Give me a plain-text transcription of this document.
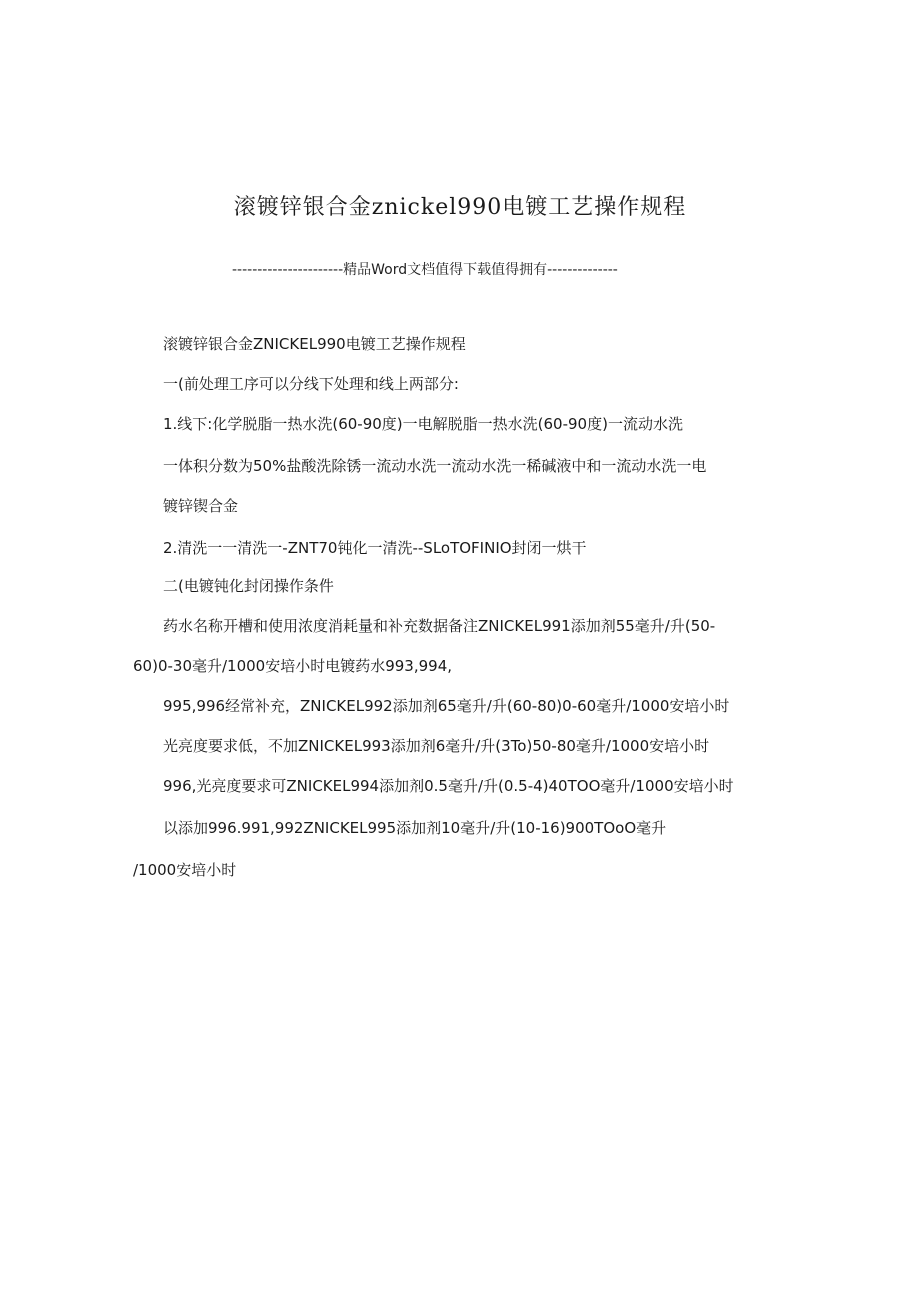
滚镀锌银合金znickel990电镀工艺操作规程
----------------------精品Word文档值得下载值得拥有--------------
滚镀锌银合金ZNICKEL990电镀工艺操作规程
一(前处理工序可以分线下处理和线上两部分:
1.线下:化学脱脂一热水洗(60-90度)一电解脱脂一热水洗(60-90度)一流动水洗
一体积分数为50%盐酸洗除锈一流动水洗一流动水洗一稀碱液中和一流动水洗一电
镀锌锲合金
2.清洗一一清洗一-ZNT70钝化一清洗--SLoTOFINIO封闭一烘干
二(电镀钝化封闭操作条件
药水名称开槽和使用浓度消耗量和补充数据备注ZNICKEL991添加剂55毫升/升(50-
60)0-30毫升/1000安培小时电镀药水993,994,
995,996经常补充，ZNICKEL992添加剂65毫升/升(60-80)0-60毫升/1000安培小时
光亮度要求低，不加ZNICKEL993添加剂6毫升/升(3To)50-80毫升/1000安培小时
996,光亮度要求可ZNICKEL994添加剂0.5毫升/升(0.5-4)40TOO毫升/1000安培小时
以添加996.991,992ZNICKEL995添加剂10毫升/升(10-16)900TOoO毫升
/1000安培小时
